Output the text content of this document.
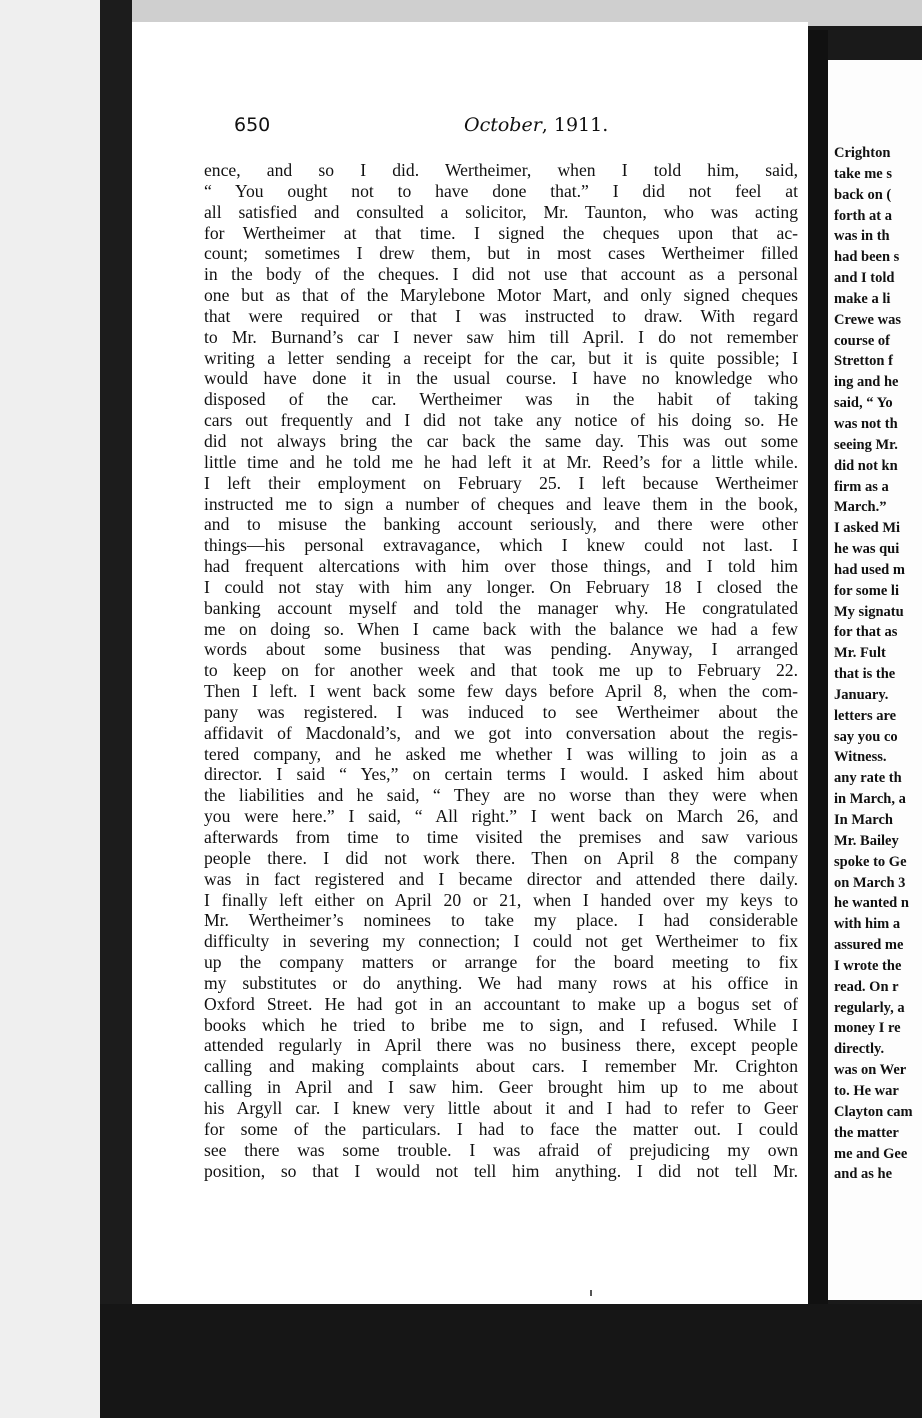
650	October, 1911.
ence, and so I did. Wertheimer, when I told him, said,
“ You ought not to have done that.” I did not feel at
all satisfied and consulted a solicitor, Mr. Taunton, who was acting
for Wertheimer at that time. I signed the cheques upon that ac-
count; sometimes I drew them, but in most cases Wertheimer filled
in the body of the cheques. I did not use that account as a personal
one but as that of the Marylebone Motor Mart, and only signed cheques
that were required or that I was instructed to draw. With regard
to Mr. Burnand’s car I never saw him till April. I do not remember
writing a letter sending a receipt for the car, but it is quite possible; I
would have done it in the usual course. I have no knowledge who
disposed of the car. Wertheimer was in the habit of taking
cars out frequently and I did not take any notice of his doing so. He
did not always bring the car back the same day. This was out some
little time and he told me he had left it at Mr. Reed’s for a little while.
I left their employment on February 25. I left because Wertheimer
instructed me to sign a number of cheques and leave them in the book,
and to misuse the banking account seriously, and there were other
things—his personal extravagance, which I knew could not last. I
had frequent altercations with him over those things, and I told him
I could not stay with him any longer. On February 18 I closed the
banking account myself and told the manager why. He congratulated
me on doing so. When I came back with the balance we had a few
words about some business that was pending. Anyway, I arranged
to keep on for another week and that took me up to February 22.
Then I left. I went back some few days before April 8, when the com-
pany was registered. I was induced to see Wertheimer about the
affidavit of Macdonald’s, and we got into conversation about the regis-
tered company, and he asked me whether I was willing to join as a
director. I said “ Yes,” on certain terms I would. I asked him about
the liabilities and he said, “ They are no worse than they were when
you were here.” I said, “ All right.” I went back on March 26, and
afterwards from time to time visited the premises and saw various
people there. I did not work there. Then on April 8 the company
was in fact registered and I became director and attended there daily.
I finally left either on April 20 or 21, when I handed over my keys to
Mr. Wertheimer’s nominees to take my place. I had considerable
difficulty in severing my connection; I could not get Wertheimer to fix
up the company matters or arrange for the board meeting to fix
my substitutes or do anything. We had many rows at his office in
Oxford Street. He had got in an accountant to make up a bogus set of
books which he tried to bribe me to sign, and I refused. While I
attended regularly in April there was no business there, except people
calling and making complaints about cars. I remember Mr. Crighton
calling in April and I saw him. Geer brought him up to me about
his Argyll car. I knew very little about it and I had to refer to Geer
for some of the particulars. I had to face the matter out. I could
see there was some trouble. I was afraid of prejudicing my own
position, so that I would not tell him anything. I did not tell Mr.
Crighton
take me s
back on (
forth at a
was in th
had been s
and I told
make a li
Crewe was
course of
Stretton f
ing and he
said, “ Yo
was not th
seeing Mr.
did not kn
firm as a
March.”
I asked Mi
he was qui
had used m
for some li
My signatu
for that as
Mr. Fult
that is the
January.
letters are
say you co
Witness.
any rate th
in March, a
In March
Mr. Bailey
spoke to Ge
on March 3
he wanted n
with him a
assured me
I wrote the
read. On r
regularly, a
money I re
directly.
was on Wer
to. He war
Clayton cam
the matter
me and Gee
and as he
